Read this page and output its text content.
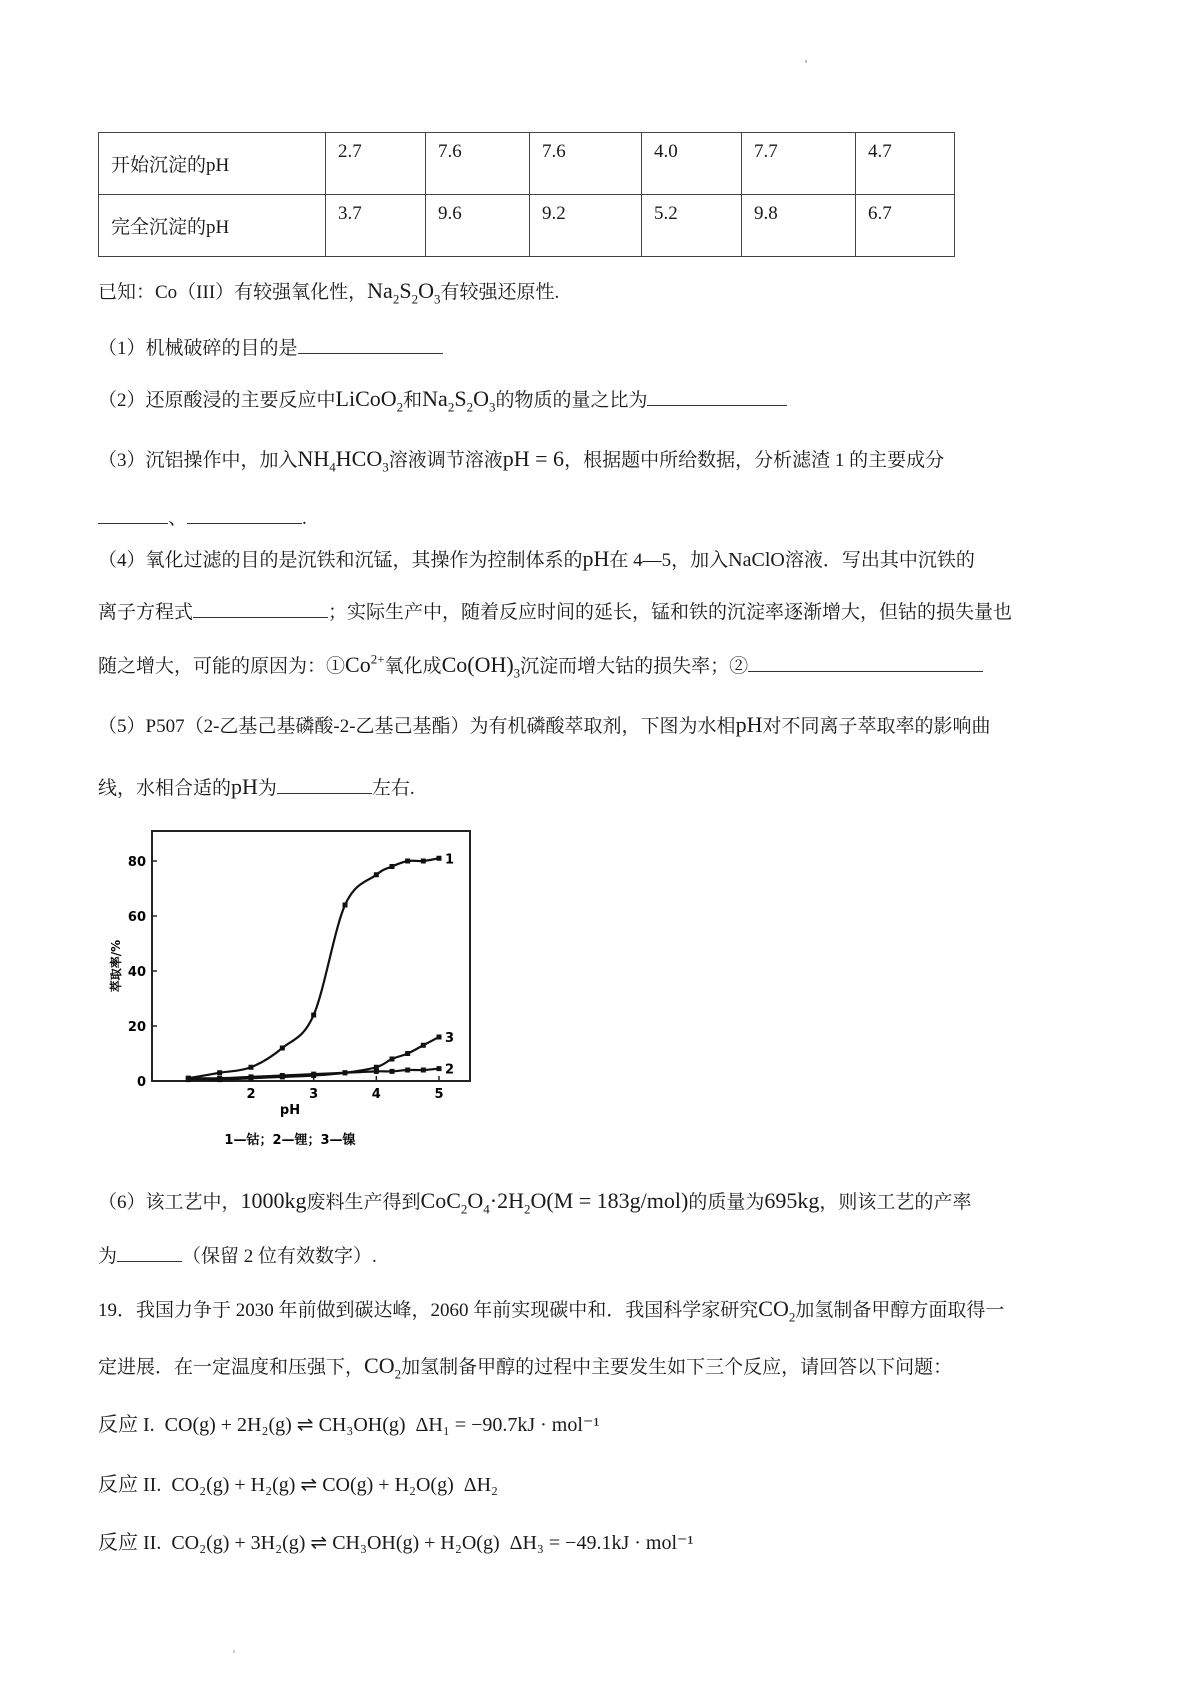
开始沉淀的pH	2.7	7.6	7.6	4.0	7.7	4.7
完全沉淀的pH	3.7	9.6	9.2	5.2	9.8	6.7
已知：Co（III）有较强氧化性，$Na_2S_2O_3$有较强还原性.
（1）机械破碎的目的是
（2）还原酸浸的主要反应中LiCoO$_2$和$Na_2S_2O_3$的物质的量之比为
（3）沉铝操作中，加入$NH_4HCO_3$溶液调节溶液pH = 6，根据题中所给数据，分析滤渣 1 的主要成分
、	.
（4）氧化过滤的目的是沉铁和沉锰，其操作为控制体系的pH在 4—5，加入NaClO溶液．写出其中沉铁的
离子方程式	；实际生产中，随着反应时间的延长，锰和铁的沉淀率逐渐增大，但钴的损失量也
随之增大，可能的原因为：$①Co^{2+}$氧化成$Co(OH)_3$沉淀而增大钴的损失率；②
（5）P507（2-乙基己基磷酸-2-乙基己基酯）为有机磷酸萃取剂，下图为水相pH对不同离子萃取率的影响曲
线，水相合适的pH为	左右.
0
20
40
60
80
2	3	4	5
萃取率/%
pH
1—钴；2—锂；3—镍
1
2
3
（6）该工艺中，1000kg废料生产得到$CoC_2O_4\cdot 2H_2O(M = 183g/mol)$的质量为695kg，则该工艺的产率
为	（保留 2 位有效数字）.
19．我国力争于 2030 年前做到碳达峰，2060 年前实现碳中和．我国科学家研究$CO_2$加氢制备甲醇方面取得一
定进展．在一定温度和压强下，$CO_2$加氢制备甲醇的过程中主要发生如下三个反应，请回答以下问题：
反应 I. CO(g) + 2H₂(g) ⇌ CH₃OH(g) ΔH₁ = −90.7kJ · mol⁻¹
反应 II. CO₂(g) + H₂(g) ⇌ CO(g) + H₂O(g) ΔH₂
反应 II. CO₂(g) + 3H₂(g) ⇌ CH₃OH(g) + H₂O(g) ΔH₃ = −49.1kJ · mol⁻¹
